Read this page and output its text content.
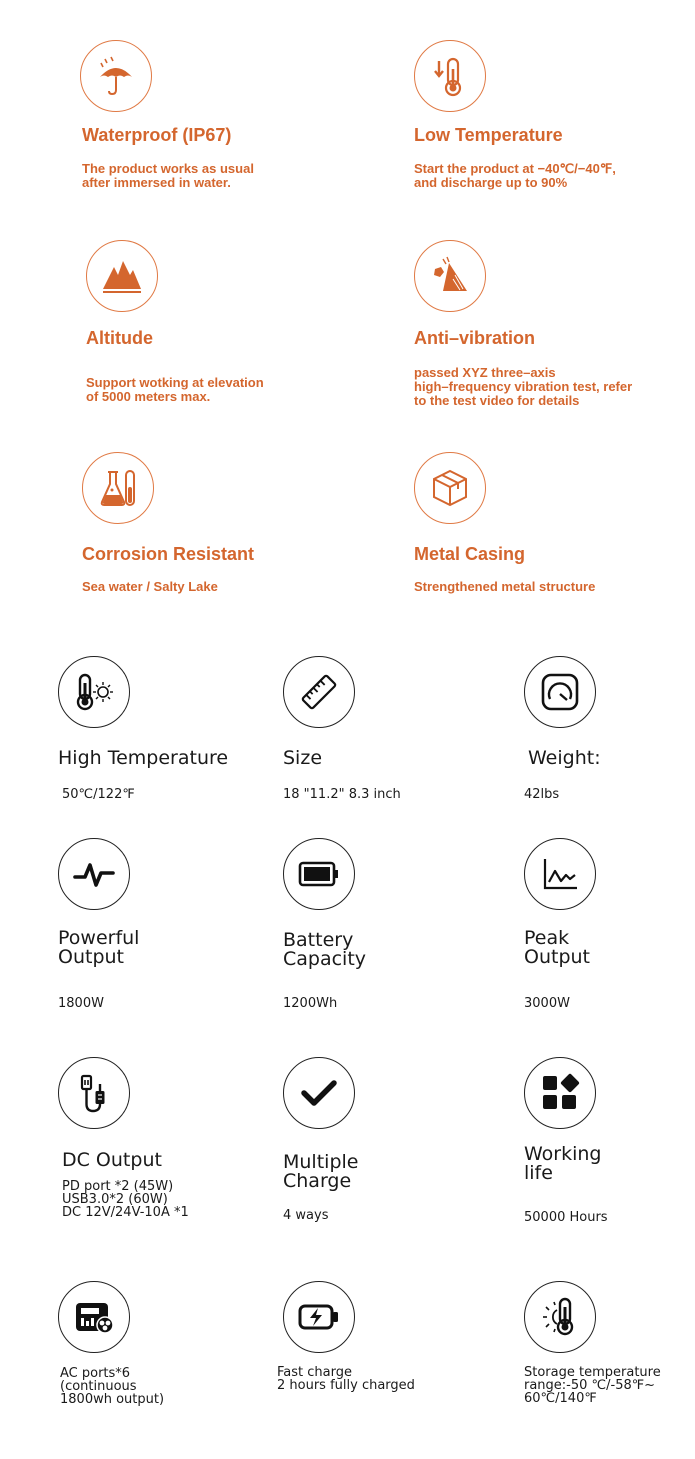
Waterproof (IP67)
The product works as usual
after immersed in water.
Low Temperature
Start the product at −40℃/−40℉,
and discharge up to 90%
Altitude
Support wotking at elevation
of 5000 meters max.
Anti–vibration
passed XYZ three–axis
high–frequency vibration test, refer
to the test video for details
Corrosion Resistant
Sea water / Salty Lake
Metal Casing
Strengthened metal structure
High Temperature
50℃/122℉
Size
18 "11.2" 8.3 inch
Weight:
42lbs
Powerful
Output
1800W
Battery
Capacity
1200Wh
Peak
Output
3000W
DC Output
PD port *2 (45W)
USB3.0*2 (60W)
DC 12V/24V-10A *1
Multiple
Charge
4 ways
Working
life
50000 Hours
AC ports*6
(continuous
1800wh output)
Fast charge
2 hours fully charged
Storage temperature
range:-50 ℃/-58℉~
60℃/140℉
